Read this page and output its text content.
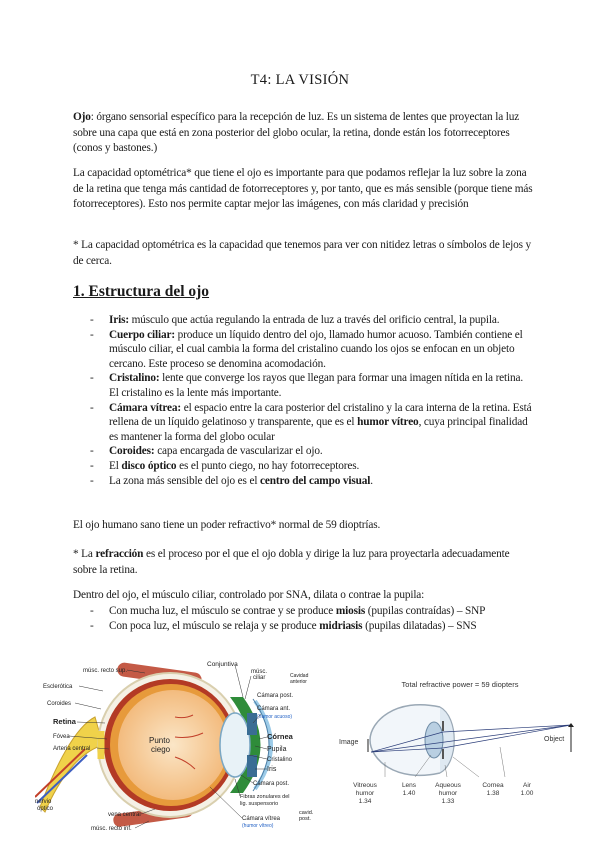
T4: LA VISIÓN
Ojo: órgano sensorial específico para la recepción de luz. Es un sistema de lentes que proyectan la luz sobre una capa que está en zona posterior del globo ocular, la retina, donde están los fotorreceptores (conos y bastones.)
La capacidad optométrica* que tiene el ojo es importante para que podamos reflejar la luz sobre la zona de la retina que tenga más cantidad de fotorreceptores y, por tanto, que es más sensible (porque tiene más fotorreceptores). Esto nos permite captar mejor las imágenes, con más claridad y precisión
* La capacidad optométrica es la capacidad que tenemos para ver con nitidez letras o símbolos de lejos y de cerca.
1. Estructura del ojo
- Iris: músculo que actúa regulando la entrada de luz a través del orificio central, la pupila.
- Cuerpo ciliar: produce un líquido dentro del ojo, llamado humor acuoso. También contiene el músculo ciliar, el cual cambia la forma del cristalino cuando los ojos se enfocan en un objeto cercano. Este proceso se denomina acomodación.
- Cristalino: lente que converge los rayos que llegan para formar una imagen nítida en la retina. El cristalino es la lente más importante.
- Cámara vítrea: el espacio entre la cara posterior del cristalino y la cara interna de la retina. Está rellena de un líquido gelatinoso y transparente, que es el humor vítreo, cuya principal finalidad es mantener la forma del globo ocular
- Coroides: capa encargada de vascularizar el ojo.
- El disco óptico es el punto ciego, no hay fotorreceptores.
- La zona más sensible del ojo es el centro del campo visual.
El ojo humano sano tiene un poder refractivo* normal de 59 dioptrías.
* La refracción es el proceso por el que el ojo dobla y dirige la luz para proyectarla adecuadamente sobre la retina.
Dentro del ojo, el músculo ciliar, controlado por SNA, dilata o contrae la pupila:
- Con mucha luz, el músculo se contrae y se produce miosis (pupilas contraídas) – SNP
- Con poca luz, el músculo se relaja y se produce midriasis (pupilas dilatadas) – SNS
músc. recto sup.
Esclerótica
Coroides
Retina
Fóvea
Arteria central
nervio
óptico
vena central
músc. recto inf.
Punto
ciego
Conjuntiva
músc.
ciliar	Cavidad
anterior
Cámara post.
Cámara ant.
(humor acuoso)
Córnea
Pupila
Cristalino
Iris
Cámara post.
Fibras zonulares del
lig. suspensorio
Cámara vítrea
(humor vítreo)
cavid.
post.
Total refractive power = 59 diopters
Image	Object
Vitreous
humor
1.34
Lens
1.40
Aqueous
humor
1.33
Cornea
1.38
Air
1.00
